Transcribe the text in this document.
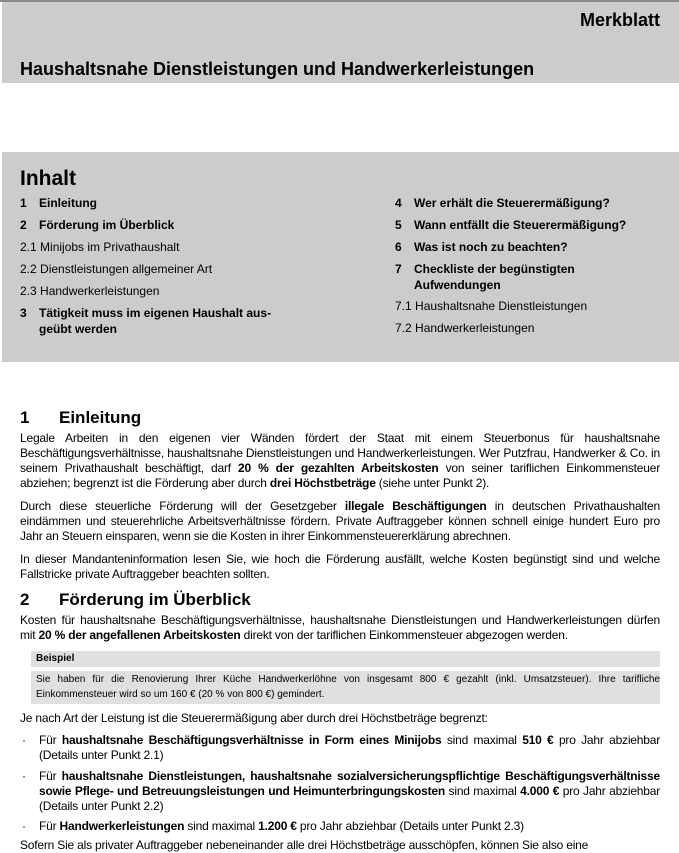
Merkblatt
Haushaltsnahe Dienstleistungen und Handwerkerleistungen
Inhalt
1 Einleitung
2 Förderung im Überblick
2.1 Minijobs im Privathaushalt
2.2 Dienstleistungen allgemeiner Art
2.3 Handwerkerleistungen
3 Tätigkeit muss im eigenen Haushalt aus-geübt werden
4 Wer erhält die Steuerermäßigung?
5 Wann entfällt die Steuerermäßigung?
6 Was ist noch zu beachten?
7 Checkliste der begünstigten Aufwendungen
7.1 Haushaltsnahe Dienstleistungen
7.2 Handwerkerleistungen
1 Einleitung
Legale Arbeiten in den eigenen vier Wänden fördert der Staat mit einem Steuerbonus für haushaltsnahe Beschäftigungsverhältnisse, haushaltsnahe Dienstleistungen und Handwerkerleistungen. Wer Putzfrau, Handwerker & Co. in seinem Privathaushalt beschäftigt, darf 20 % der gezahlten Arbeitskosten von seiner tariflichen Einkommensteuer abziehen; begrenzt ist die Förderung aber durch drei Höchstbeträge (siehe unter Punkt 2).
Durch diese steuerliche Förderung will der Gesetzgeber illegale Beschäftigungen in deutschen Privathaushalten eindämmen und steuerehrliche Arbeitsverhältnisse fördern. Private Auftraggeber können schnell einige hundert Euro pro Jahr an Steuern einsparen, wenn sie die Kosten in ihrer Einkommensteuererklärung abrechnen.
In dieser Mandanteninformation lesen Sie, wie hoch die Förderung ausfällt, welche Kosten begünstigt sind und welche Fallstricke private Auftraggeber beachten sollten.
2 Förderung im Überblick
Kosten für haushaltsnahe Beschäftigungsverhältnisse, haushaltsnahe Dienstleistungen und Handwerkerleistungen dürfen mit 20 % der angefallenen Arbeitskosten direkt von der tariflichen Einkommensteuer abgezogen werden.
Beispiel
Sie haben für die Renovierung Ihrer Küche Handwerkerlöhne von insgesamt 800 € gezahlt (inkl. Umsatzsteuer). Ihre tarifliche Einkommensteuer wird so um 160 € (20 % von 800 €) gemindert.
Je nach Art der Leistung ist die Steuerermäßigung aber durch drei Höchstbeträge begrenzt:
· Für haushaltsnahe Beschäftigungsverhältnisse in Form eines Minijobs sind maximal 510 € pro Jahr abziehbar (Details unter Punkt 2.1)
· Für haushaltsnahe Dienstleistungen, haushaltsnahe sozialversicherungspflichtige Beschäftigungsverhältnisse sowie Pflege- und Betreuungsleistungen und Heimunterbringungskosten sind maximal 4.000 € pro Jahr abziehbar (Details unter Punkt 2.2)
· Für Handwerkerleistungen sind maximal 1.200 € pro Jahr abziehbar (Details unter Punkt 2.3)
Sofern Sie als privater Auftraggeber nebeneinander alle drei Höchstbeträge ausschöpfen, können Sie also eine
